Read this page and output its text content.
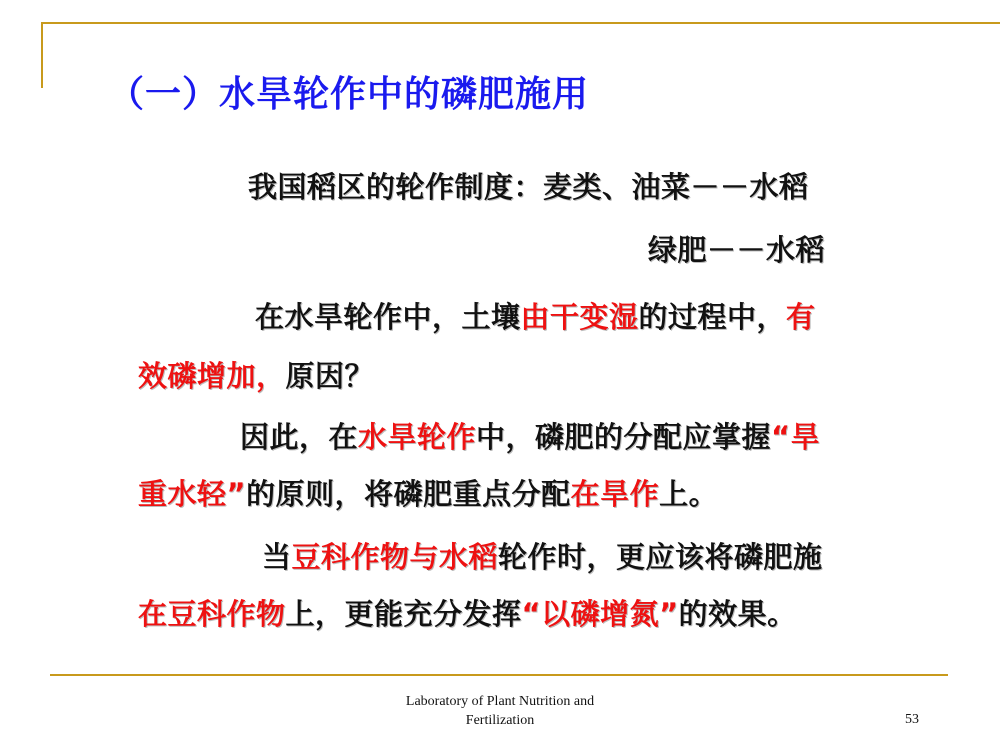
（一）水旱轮作中的磷肥施用
我国稻区的轮作制度：麦类、油菜－－水稻
绿肥－－水稻
在水旱轮作中，土壤由干变湿的过程中，有
效磷增加，原因？
因此，在水旱轮作中，磷肥的分配应掌握“旱
重水轻”的原则，将磷肥重点分配在旱作上。
当豆科作物与水稻轮作时，更应该将磷肥施
在豆科作物上，更能充分发挥“以磷增氮”的效果。
Laboratory of Plant Nutrition and
Fertilization	53
